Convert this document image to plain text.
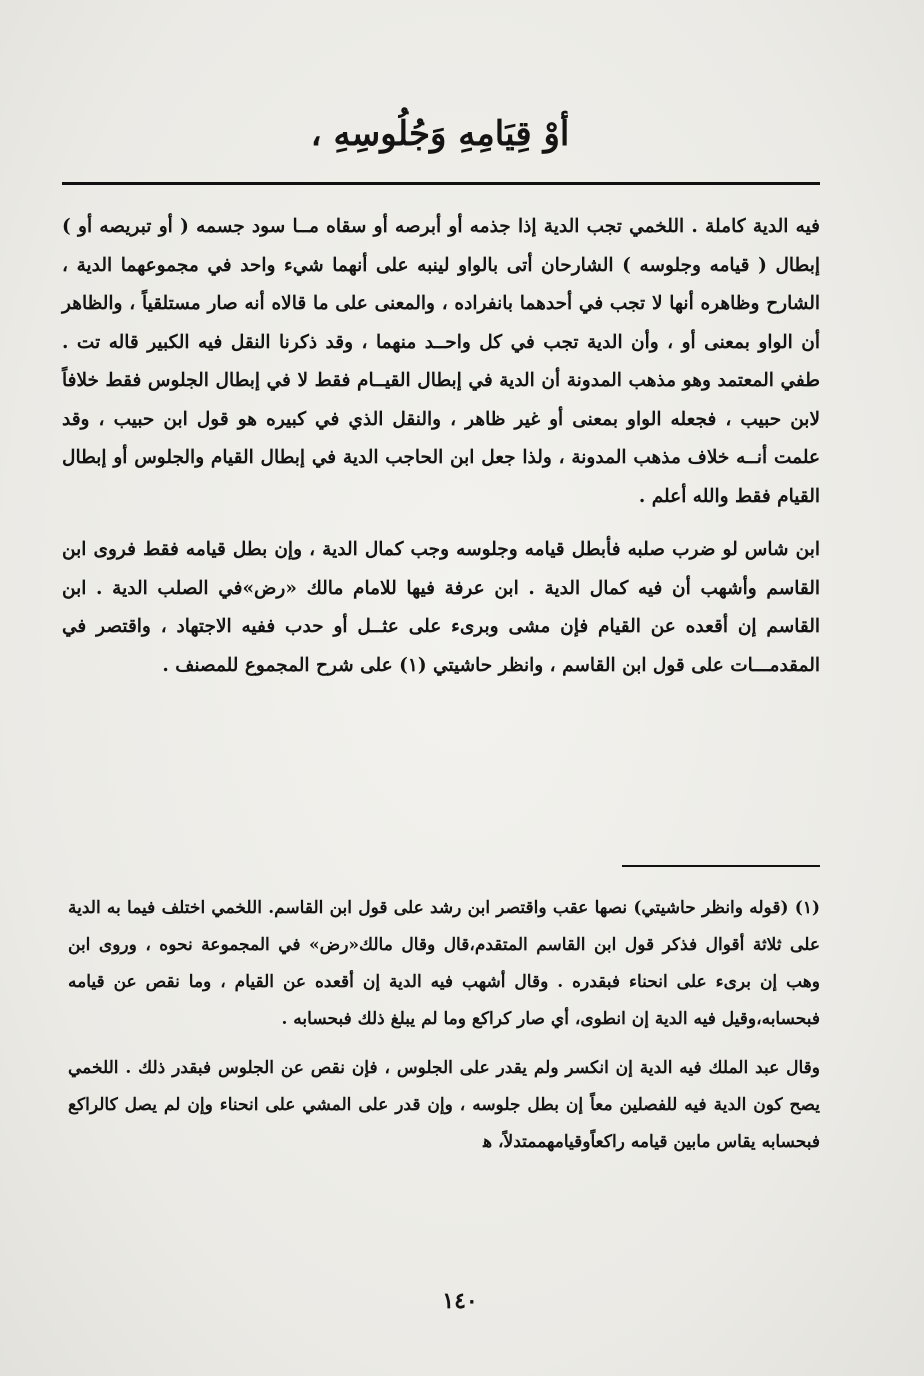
أوْ قِيَامِهِ وَجُلُوسِهِ ،

فيه الدية كاملة . اللخمي تجب الدية إذا جذمه أو أبرصه أو سقاه مــا سود جسمه ( أو تبريصه أو ) إبطال ( قيامه وجلوسه ) الشارحان أتى بالواو لينبه على أنهما شيء واحد في مجموعهما الدية ، الشارح وظاهره أنها لا تجب في أحدهما بانفراده ، والمعنى على ما قالاه أنه صار مستلقياً ، والظاهر أن الواو بمعنى أو ، وأن الدية تجب في كل واحــد منهما ، وقد ذكرنا النقل فيه الكبير قاله تت . طفي المعتمد وهو مذهب المدونة أن الدية في إبطال القيــام فقط لا في إبطال الجلوس فقط خلافاً لابن حبيب ، فجعله الواو بمعنى أو غير ظاهر ، والنقل الذي في كبيره هو قول ابن حبيب ، وقد علمت أنــه خلاف مذهب المدونة ، ولذا جعل ابن الحاجب الدية في إبطال القيام والجلوس أو إبطال القيام فقط والله أعلم .

ابن شاس لو ضرب صلبه فأبطل قيامه وجلوسه وجب كمال الدية ، وإن بطل قيامه فقط فروى ابن القاسم وأشهب أن فيه كمال الدية . ابن عرفة فيها للامام مالك «رض»في الصلب الدية . ابن القاسم إن أقعده عن القيام فإن مشى وبرىء على عثــل أو حدب ففيه الاجتهاد ، واقتصر في المقدمـــات على قول ابن القاسم ، وانظر حاشيتي (١) على شرح المجموع للمصنف .

(١) (قوله وانظر حاشيتي) نصها عقب واقتصر ابن رشد على قول ابن القاسم. اللخمي اختلف فيما به الدية على ثلاثة أقوال فذكر قول ابن القاسم المتقدم،قال وقال مالك«رض» في المجموعة نحوه ، وروى ابن وهب إن برىء على انحناء فبقدره . وقال أشهب فيه الدية إن أقعده عن القيام ، وما نقص عن قيامه فبحسابه،وقيل فيه الدية إن انطوى، أي صار كراكع وما لم يبلغ ذلك فبحسابه .

وقال عبد الملك فيه الدية إن انكسر ولم يقدر على الجلوس ، فإن نقص عن الجلوس فبقدر ذلك . اللخمي يصح كون الدية فيه للفصلين معاً إن بطل جلوسه ، وإن قدر على المشي على انحناء وإن لم يصل كالراكع فبحسابه يقاس مابين قيامه راكعاًوقيامهممتدلاً، ﻫ

١٤٠
